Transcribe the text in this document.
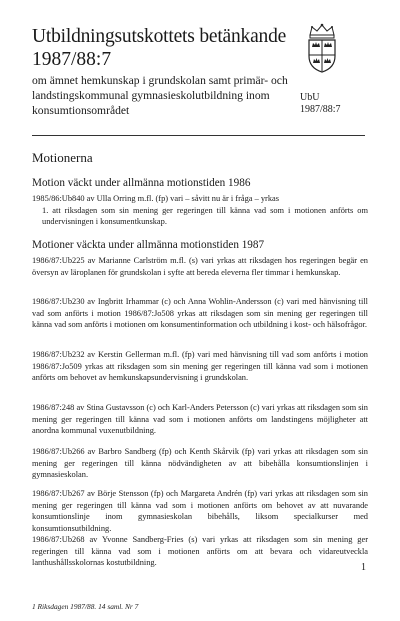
Utbildningsutskottets betänkande
1987/88:7
om ämnet hemkunskap i grundskolan samt primär- och landstingskommunal gymnasieskolutbildning inom konsumtionsområdet
UbU
1987/88:7
Motionerna
Motion väckt under allmänna motionstiden 1986
1985/86:Ub840 av Ulla Orring m.fl. (fp) vari – såvitt nu är i fråga – yrkas
1. att riksdagen som sin mening ger regeringen till känna vad som i motionen anförts om undervisningen i konsumentkunskap.
Motioner väckta under allmänna motionstiden 1987
1986/87:Ub225 av Marianne Carlström m.fl. (s) vari yrkas att riksdagen hos regeringen begär en översyn av läroplanen för grundskolan i syfte att bereda eleverna fler timmar i hemkunskap.
1986/87:Ub230 av Ingbritt Irhammar (c) och Anna Wohlin-Andersson (c) vari med hänvisning till vad som anförts i motion 1986/87:Jo508 yrkas att riksdagen som sin mening ger regeringen till känna vad som anförts i motionen om konsumentinformation och utbildning i kost- och hälsofrågor.
1986/87:Ub232 av Kerstin Gellerman m.fl. (fp) vari med hänvisning till vad som anförts i motion 1986/87:Jo509 yrkas att riksdagen som sin mening ger regeringen till känna vad som i motionen anförts om behovet av hemkunskapsundervisning i grundskolan.
1986/87:248 av Stina Gustavsson (c) och Karl-Anders Petersson (c) vari yrkas att riksdagen som sin mening ger regeringen till känna vad som i motionen anförts om landstingens möjligheter att anordna kommunal vuxenutbildning.
1986/87:Ub266 av Barbro Sandberg (fp) och Kenth Skårvik (fp) vari yrkas att riksdagen som sin mening ger regeringen till känna nödvändigheten av att bibehålla konsumtionslinjen i gymnasieskolan.
1986/87:Ub267 av Börje Stensson (fp) och Margareta Andrén (fp) vari yrkas att riksdagen som sin mening ger regeringen till känna vad som i motionen anförts om behovet av att nuvarande konsumtionslinje inom gymnasieskolan bibehålls, liksom specialkurser med konsumtionsutbildning.
1986/87:Ub268 av Yvonne Sandberg-Fries (s) vari yrkas att riksdagen som sin mening ger regeringen till känna vad som i motionen anförts om att bevara och vidareutveckla lanthushållsskolornas kostutbildning.	1
1 Riksdagen 1987/88. 14 saml. Nr 7
